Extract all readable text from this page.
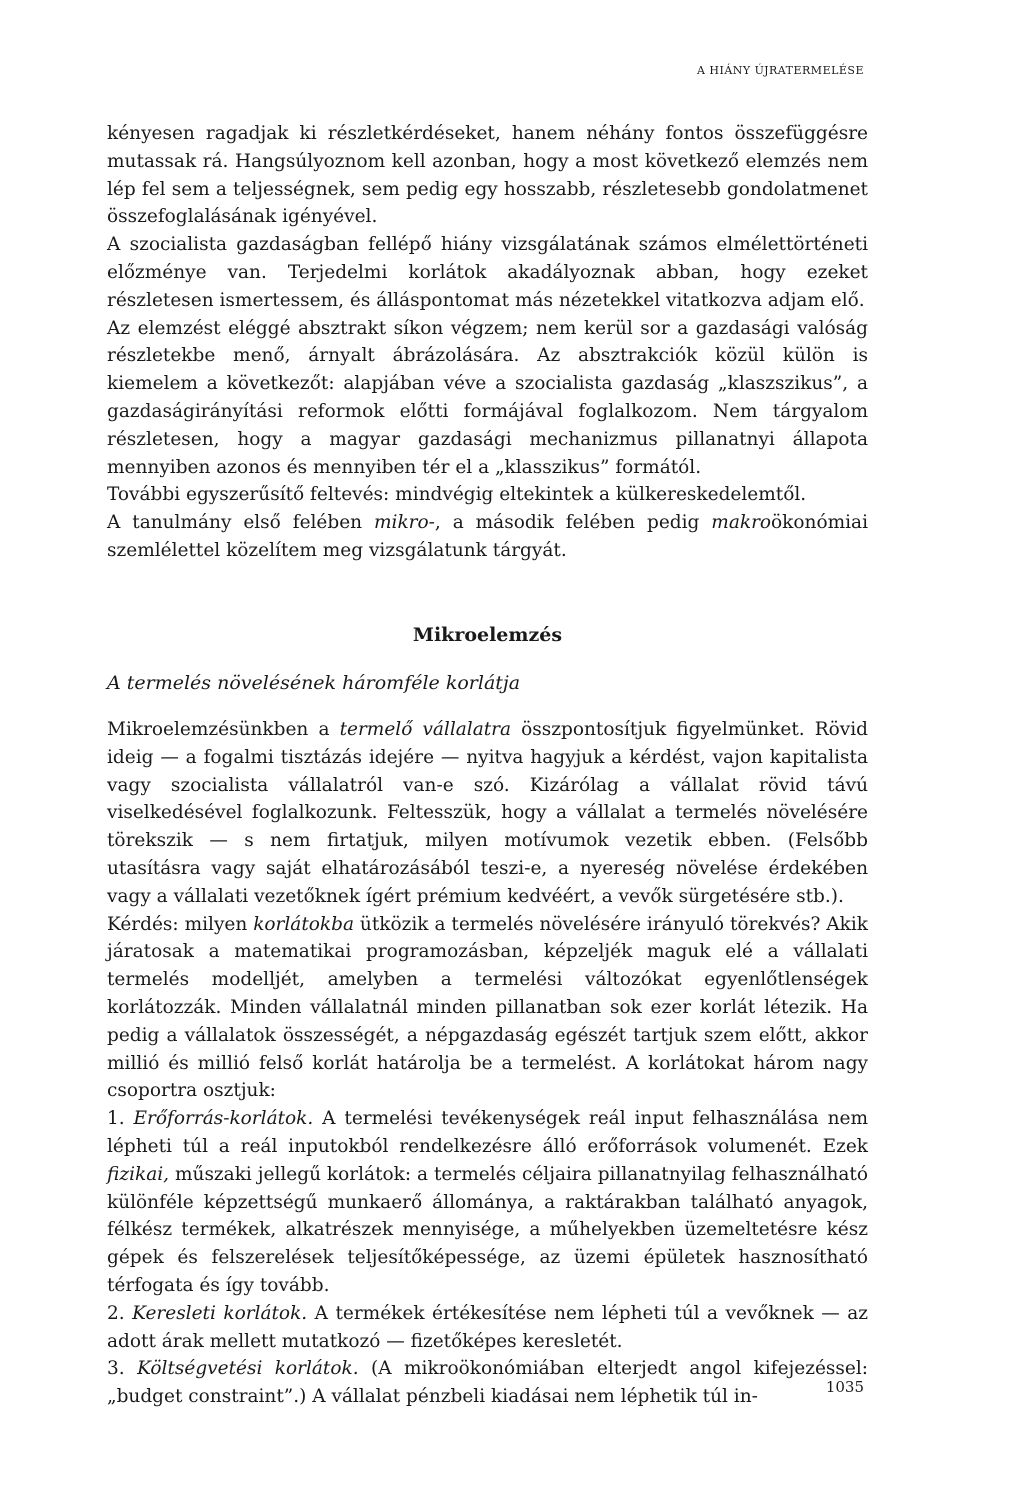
A HIÁNY ÚJRATERMELÉSE

kényesen ragadjak ki részletkérdéseket, hanem néhány fontos összefüggésre mutassak rá. Hangsúlyoznom kell azonban, hogy a most következő elemzés nem lép fel sem a teljességnek, sem pedig egy hosszabb, részletesebb gondolatmenet összefoglalásának igényével.

A szocialista gazdaságban fellépő hiány vizsgálatának számos elmélettörténeti előzménye van. Terjedelmi korlátok akadályoznak abban, hogy ezeket részletesen ismertessem, és álláspontomat más nézetekkel vitatkozva adjam elő.

Az elemzést eléggé absztrakt síkon végzem; nem kerül sor a gazdasági valóság részletekbe menő, árnyalt ábrázolására. Az absztrakciók közül külön is kiemelem a következőt: alapjában véve a szocialista gazdaság „klaszszikus”, a gazdaságirányítási reformok előtti formájával foglalkozom. Nem tárgyalom részletesen, hogy a magyar gazdasági mechanizmus pillanatnyi állapota mennyiben azonos és mennyiben tér el a „klasszikus” formától.

További egyszerűsítő feltevés: mindvégig eltekintek a külkereskedelemtől.

A tanulmány első felében mikro-, a második felében pedig makroökonómiai szemlélettel közelítem meg vizsgálatunk tárgyát.

Mikroelemzés
A termelés növelésének háromféle korlátja

Mikroelemzésünkben a termelő vállalatra összpontosítjuk figyelmünket. Rövid ideig — a fogalmi tisztázás idejére — nyitva hagyjuk a kérdést, vajon kapitalista vagy szocialista vállalatról van-e szó. Kizárólag a vállalat rövid távú viselkedésével foglalkozunk. Feltesszük, hogy a vállalat a termelés növelésére törekszik — s nem firtatjuk, milyen motívumok vezetik ebben. (Felsőbb utasításra vagy saját elhatározásából teszi-e, a nyereség növelése érdekében vagy a vállalati vezetőknek ígért prémium kedvéért, a vevők sürgetésére stb.).

Kérdés: milyen korlátokba ütközik a termelés növelésére irányuló törekvés? Akik járatosak a matematikai programozásban, képzeljék maguk elé a vállalati termelés modelljét, amelyben a termelési változókat egyenlőtlenségek korlátozzák. Minden vállalatnál minden pillanatban sok ezer korlát létezik. Ha pedig a vállalatok összességét, a népgazdaság egészét tartjuk szem előtt, akkor millió és millió felső korlát határolja be a termelést. A korlátokat három nagy csoportra osztjuk:

1. Erőforrás-korlátok. A termelési tevékenységek reál input felhasználása nem lépheti túl a reál inputokból rendelkezésre álló erőforrások volumenét. Ezek fizikai, műszaki jellegű korlátok: a termelés céljaira pillanatnyilag felhasználható különféle képzettségű munkaerő állománya, a raktárakban található anyagok, félkész termékek, alkatrészek mennyisége, a műhelyekben üzemeltetésre kész gépek és felszerelések teljesítőképessége, az üzemi épületek hasznosítható térfogata és így tovább.

2. Keresleti korlátok. A termékek értékesítése nem lépheti túl a vevőknek — az adott árak mellett mutatkozó — fizetőképes keresletét.

3. Költségvetési korlátok. (A mikroökonómiában elterjedt angol kifejezéssel: „budget constraint”.) A vállalat pénzbeli kiadásai nem léphetik túl in-	1035
